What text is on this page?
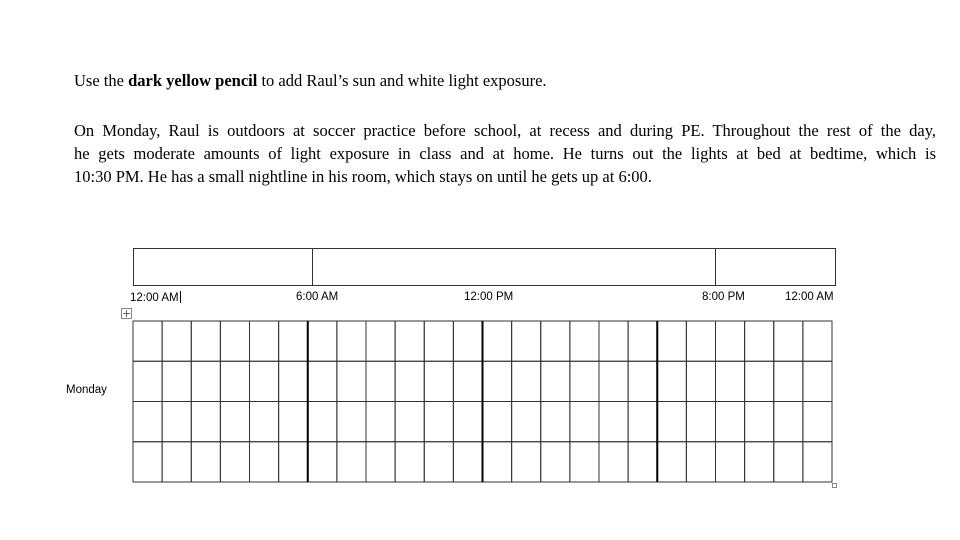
Use the dark yellow pencil to add Raul’s sun and white light exposure.

On Monday, Raul is outdoors at soccer practice before school, at recess and during PE. Throughout the rest of the day,
he gets moderate amounts of light exposure in class and at home. He turns out the lights at bed at bedtime, which is
10:30 PM. He has a small nightline in his room, which stays on until he gets up at 6:00.

12:00 AM	6:00 AM	12:00 PM	8:00 PM	12:00 AM
+
Monday
